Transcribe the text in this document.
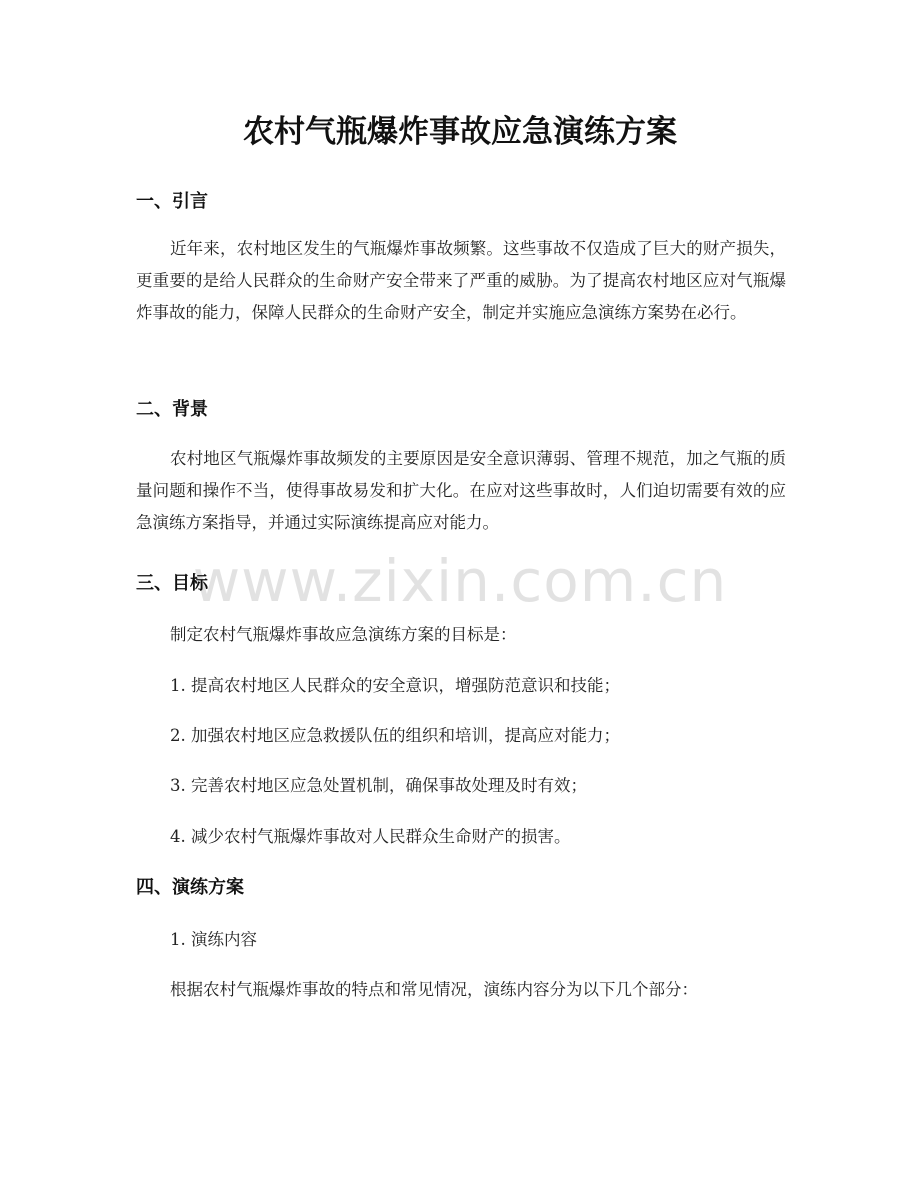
农村气瓶爆炸事故应急演练方案
一、引言
近年来，农村地区发生的气瓶爆炸事故频繁。这些事故不仅造成了巨大的财产损失，更重要的是给人民群众的生命财产安全带来了严重的威胁。为了提高农村地区应对气瓶爆炸事故的能力，保障人民群众的生命财产安全，制定并实施应急演练方案势在必行。
二、背景
农村地区气瓶爆炸事故频发的主要原因是安全意识薄弱、管理不规范，加之气瓶的质量问题和操作不当，使得事故易发和扩大化。在应对这些事故时，人们迫切需要有效的应急演练方案指导，并通过实际演练提高应对能力。
www.zixin.com.cn
三、目标
制定农村气瓶爆炸事故应急演练方案的目标是：
1. 提高农村地区人民群众的安全意识，增强防范意识和技能；
2. 加强农村地区应急救援队伍的组织和培训，提高应对能力；
3. 完善农村地区应急处置机制，确保事故处理及时有效；
4. 减少农村气瓶爆炸事故对人民群众生命财产的损害。
四、演练方案
1. 演练内容
根据农村气瓶爆炸事故的特点和常见情况，演练内容分为以下几个部分：
